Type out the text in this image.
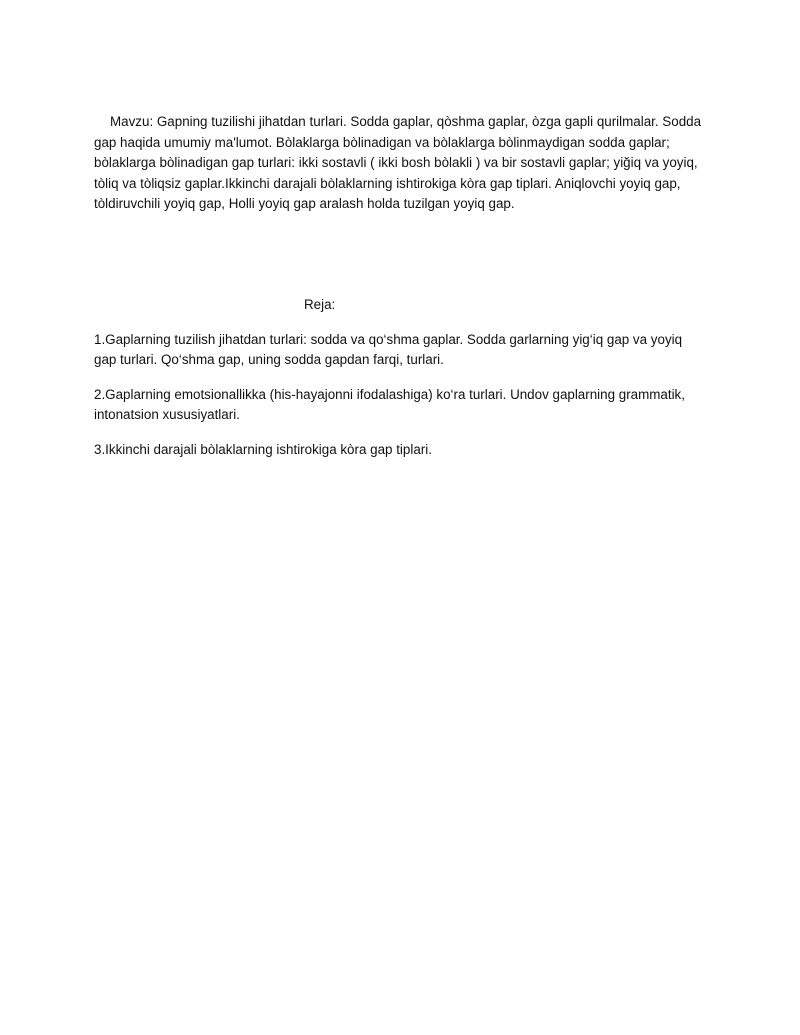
Mavzu: Gapning tuzilishi jihatdan turlari. Sodda gaplar, qòshma gaplar, òzga gapli qurilmalar. Sodda gap haqida umumiy ma'lumot. Bòlaklarga bòlinadigan va bòlaklarga bòlinmaydigan sodda gaplar; bòlaklarga bòlinadigan gap turlari: ikki sostavli ( ikki bosh bòlakli ) va bir sostavli gaplar; yiğiq va yoyiq, tòliq va tòliqsiz gaplar.Ikkinchi darajali bòlaklarning ishtirokiga kòra gap tiplari. Aniqlovchi yoyiq gap, tòldiruvchili yoyiq gap, Holli yoyiq gap aralash holda tuzilgan yoyiq gap.

Reja:

1.Gaplarning tuzilish jihatdan turlari: sodda va qo‘shma gaplar. Sodda garlarning yig‘iq gap va yoyiq gap turlari. Qo‘shma gap, uning sodda gapdan farqi, turlari.

2.Gaplarning emotsionallikka (his-hayajonni ifodalashiga) ko‘ra turlari. Undov gaplarning grammatik, intonatsion xususiyatlari.

3.Ikkinchi darajali bòlaklarning ishtirokiga kòra gap tiplari.
